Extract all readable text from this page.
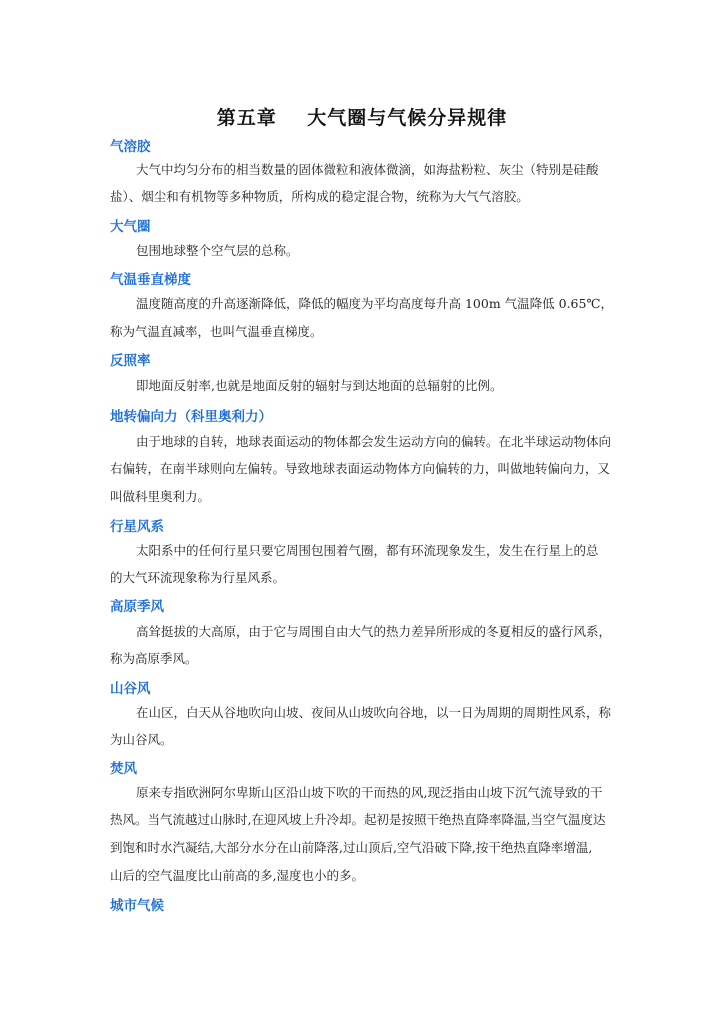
第五章    大气圈与气候分异规律
气溶胶
大气中均匀分布的相当数量的固体微粒和液体微滴，如海盐粉粒、灰尘（特别是硅酸
盐）、烟尘和有机物等多种物质，所构成的稳定混合物，统称为大气气溶胶。
大气圈
包围地球整个空气层的总称。
气温垂直梯度
温度随高度的升高逐渐降低，降低的幅度为平均高度每升高 100m 气温降低 0.65℃，
称为气温直减率，也叫气温垂直梯度。
反照率
即地面反射率,也就是地面反射的辐射与到达地面的总辐射的比例。
地转偏向力（科里奥利力）
由于地球的自转，地球表面运动的物体都会发生运动方向的偏转。在北半球运动物体向
右偏转，在南半球则向左偏转。导致地球表面运动物体方向偏转的力，叫做地转偏向力，又
叫做科里奥利力。
行星风系
太阳系中的任何行星只要它周围包围着气圈，都有环流现象发生，发生在行星上的总
的大气环流现象称为行星风系。
高原季风
高耸挺拔的大高原，由于它与周围自由大气的热力差异所形成的冬夏相反的盛行风系，
称为高原季风。
山谷风
在山区，白天从谷地吹向山坡、夜间从山坡吹向谷地，以一日为周期的周期性风系，称
为山谷风。
焚风
原来专指欧洲阿尔卑斯山区沿山坡下吹的干而热的风,现泛指由山坡下沉气流导致的干
热风。当气流越过山脉时,在迎风坡上升冷却。起初是按照干绝热直降率降温,当空气温度达
到饱和时水汽凝结,大部分水分在山前降落,过山顶后,空气沿破下降,按干绝热直降率增温,
山后的空气温度比山前高的多,湿度也小的多。
城市气候
